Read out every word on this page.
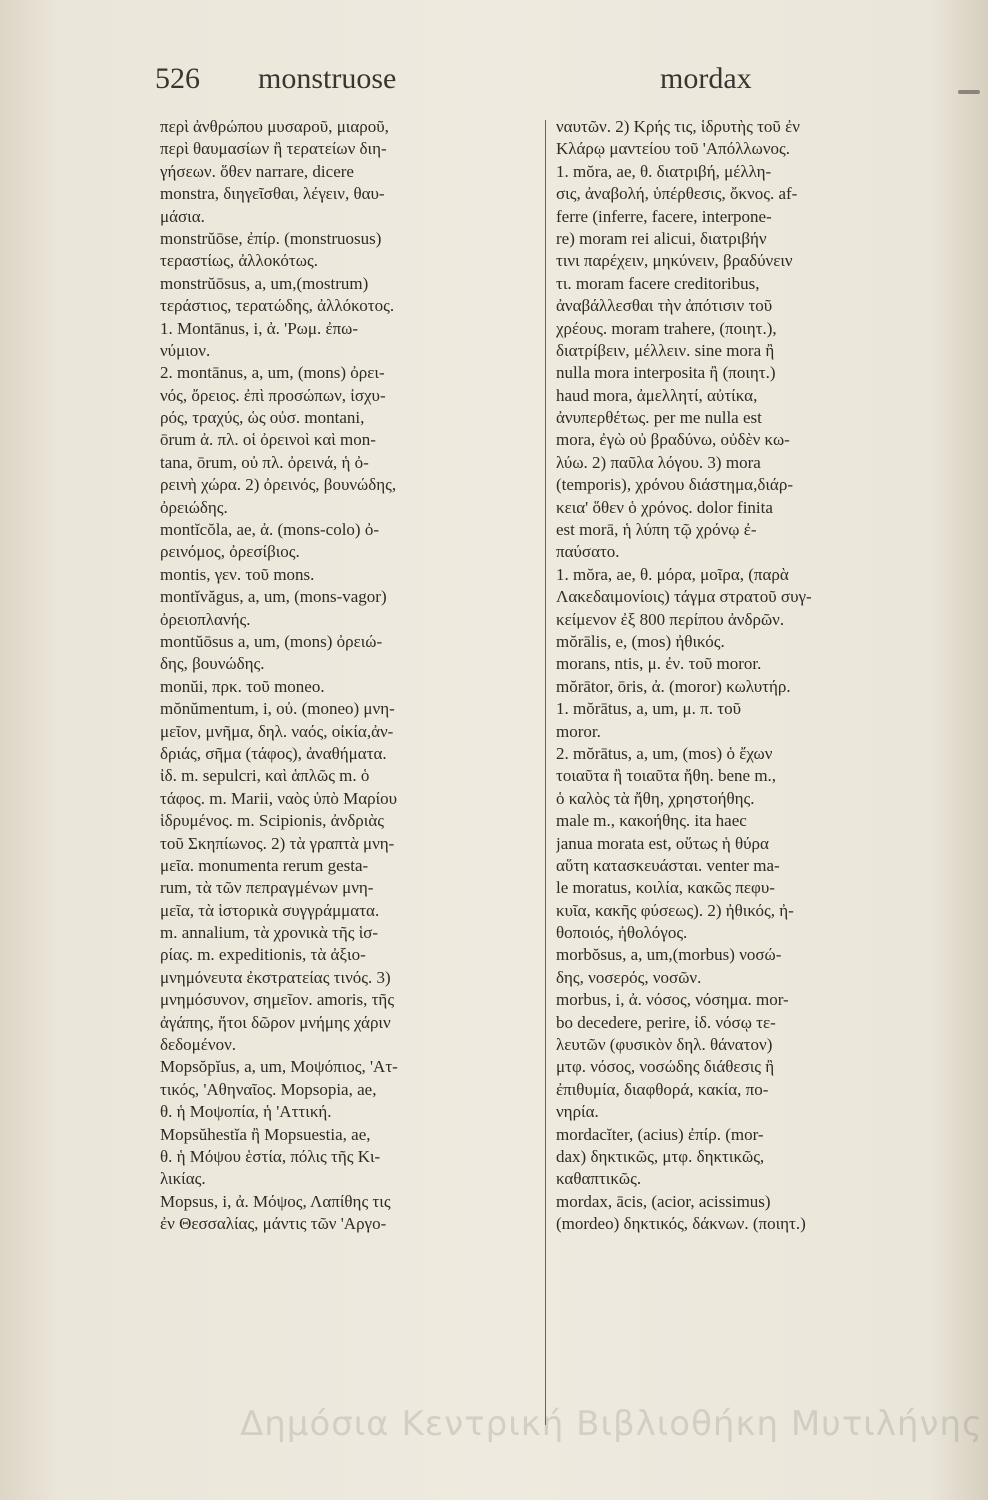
526 monstruose	mordax
περὶ ἀνθρώπου μυσαροῦ, μιαροῦ,
περὶ θαυμασίων ἢ τερατείων διη-
γήσεων. ὅθεν narrare, dicere
monstra, διηγεῖσθαι, λέγειν, θαυ-
μάσια.
monstrŭōse, ἐπίρ. (monstruosus)
τεραστίως, ἀλλοκότως.
monstrŭōsus, a, um,(mostrum)
τεράστιος, τερατώδης, ἀλλόκοτος.
1. Montānus, i, ἀ. 'Ρωμ. ἐπω-
νύμιον.
2. montānus, a, um, (mons) ὀρει-
νός, ὄρειος. ἐπὶ προσώπων, ἰσχυ-
ρός, τραχύς, ὡς οὐσ. montani,
ōrum ἀ. πλ. οἱ ὀρεινοὶ καὶ mon-
tana, ōrum, οὐ πλ. ὀρεινά, ἡ ὀ-
ρεινὴ χώρα. 2) ὀρεινός, βουνώδης,
ὀρειώδης.
montĭcŏla, ae, ἀ. (mons-colo) ὀ-
ρεινόμος, ὀρεσίβιος.
montis, γεν. τοῦ mons.
montĭvăgus, a, um, (mons-vagor)
ὀρειοπλανής.
montŭōsus a, um, (mons) ὀρειώ-
δης, βουνώδης.
monŭi, πρκ. τοῦ moneo.
mŏnŭmentum, i, οὐ. (moneo) μνη-
μεῖον, μνῆμα, δηλ. ναός, οἰκία,ἀν-
δριάς, σῆμα (τάφος), ἀναθήματα.
ἰδ. m. sepulcri, καὶ ἁπλῶς m. ὁ
τάφος. m. Marii, ναὸς ὑπὸ Μαρίου
ἱδρυμένος. m. Scipionis, ἀνδριὰς
τοῦ Σκηπίωνος. 2) τὰ γραπτὰ μνη-
μεῖα. monumenta rerum gesta-
rum, τὰ τῶν πεπραγμένων μνη-
μεῖα, τὰ ἱστορικὰ συγγράμματα.
m. annalium, τὰ χρονικὰ τῆς ἱσ-
ρίας. m. expeditionis, τὰ ἀξιο-
μνημόνευτα ἐκστρατείας τινός. 3)
μνημόσυνον, σημεῖον. amoris, τῆς
ἀγάπης, ἤτοι δῶρον μνήμης χάριν
δεδομένον.
Mopsŏpĭus, a, um, Μοψόπιος, 'Ατ-
τικός, 'Αθηναῖος. Mopsopia, ae,
θ. ἡ Μοψοπία, ἡ 'Αττική.
Mopsŭhestĭa ἢ Mopsuestia, ae,
θ. ἡ Μόψου ἑστία, πόλις τῆς Κι-
λικίας.
Mopsus, i, ἀ. Μόψος, Λαπίθης τις
ἐν Θεσσαλίας, μάντις τῶν 'Αργο-
ναυτῶν. 2) Κρής τις, ἱδρυτὴς τοῦ ἐν
Κλάρῳ μαντείου τοῦ 'Απόλλωνος.
1. mŏra, ae, θ. διατριβή, μέλλη-
σις, ἀναβολή, ὑπέρθεσις, ὄκνος. af-
ferre (inferre, facere, interpone-
re) moram rei alicui, διατριβήν
τινι παρέχειν, μηκύνειν, βραδύνειν
τι. moram facere creditoribus,
ἀναβάλλεσθαι τὴν ἀπότισιν τοῦ
χρέους. moram trahere, (ποιητ.),
διατρίβειν, μέλλειν. sine mora ἢ
nulla mora interposita ἢ (ποιητ.)
haud mora, ἀμελλητί, αὐτίκα,
ἀνυπερθέτως. per me nulla est
mora, ἐγὼ οὐ βραδύνω, οὐδὲν κω-
λύω. 2) παῦλα λόγου. 3) mora
(temporis), χρόνου διάστημα,διάρ-
κεια' ὅθεν ὁ χρόνος. dolor finita
est morā, ἡ λύπη τῷ χρόνῳ ἐ-
παύσατο.
1. mŏra, ae, θ. μόρα, μοῖρα, (παρὰ
Λακεδαιμονίοις) τάγμα στρατοῦ συγ-
κείμενον ἐξ 800 περίπου ἀνδρῶν.
mŏrālis, e, (mos) ἠθικός.
morans, ntis, μ. ἐν. τοῦ moror.
mŏrātor, ōris, ἀ. (moror) κωλυτήρ.
1. mŏrātus, a, um, μ. π. τοῦ
moror.
2. mŏrātus, a, um, (mos) ὁ ἔχων
τοιαῦτα ἢ τοιαῦτα ἤθη. bene m.,
ὁ καλὸς τὰ ἤθη, χρηστοήθης.
male m., κακοήθης. ita haec
janua morata est, οὕτως ἡ θύρα
αὕτη κατασκευάσται. venter ma-
le moratus, κοιλία, κακῶς πεφυ-
κυῖα, κακῆς φύσεως). 2) ἠθικός, ἠ-
θοποιός, ἠθολόγος.
morbŏsus, a, um,(morbus) νοσώ-
δης, νοσερός, νοσῶν.
morbus, i, ἀ. νόσος, νόσημα. mor-
bo decedere, perire, ἰδ. νόσῳ τε-
λευτῶν (φυσικὸν δηλ. θάνατον)
μτφ. νόσος, νοσώδης διάθεσις ἢ
ἐπιθυμία, διαφθορά, κακία, πο-
νηρία.
mordacĭter, (acius) ἐπίρ. (mor-
dax) δηκτικῶς, μτφ. δηκτικῶς,
καθαπτικῶς.
mordax, ācis, (acior, acissimus)
(mordeo) δηκτικός, δάκνων. (ποιητ.)
Δημόσια Κεντρική Βιβλιοθήκη Μυτιλήνης
